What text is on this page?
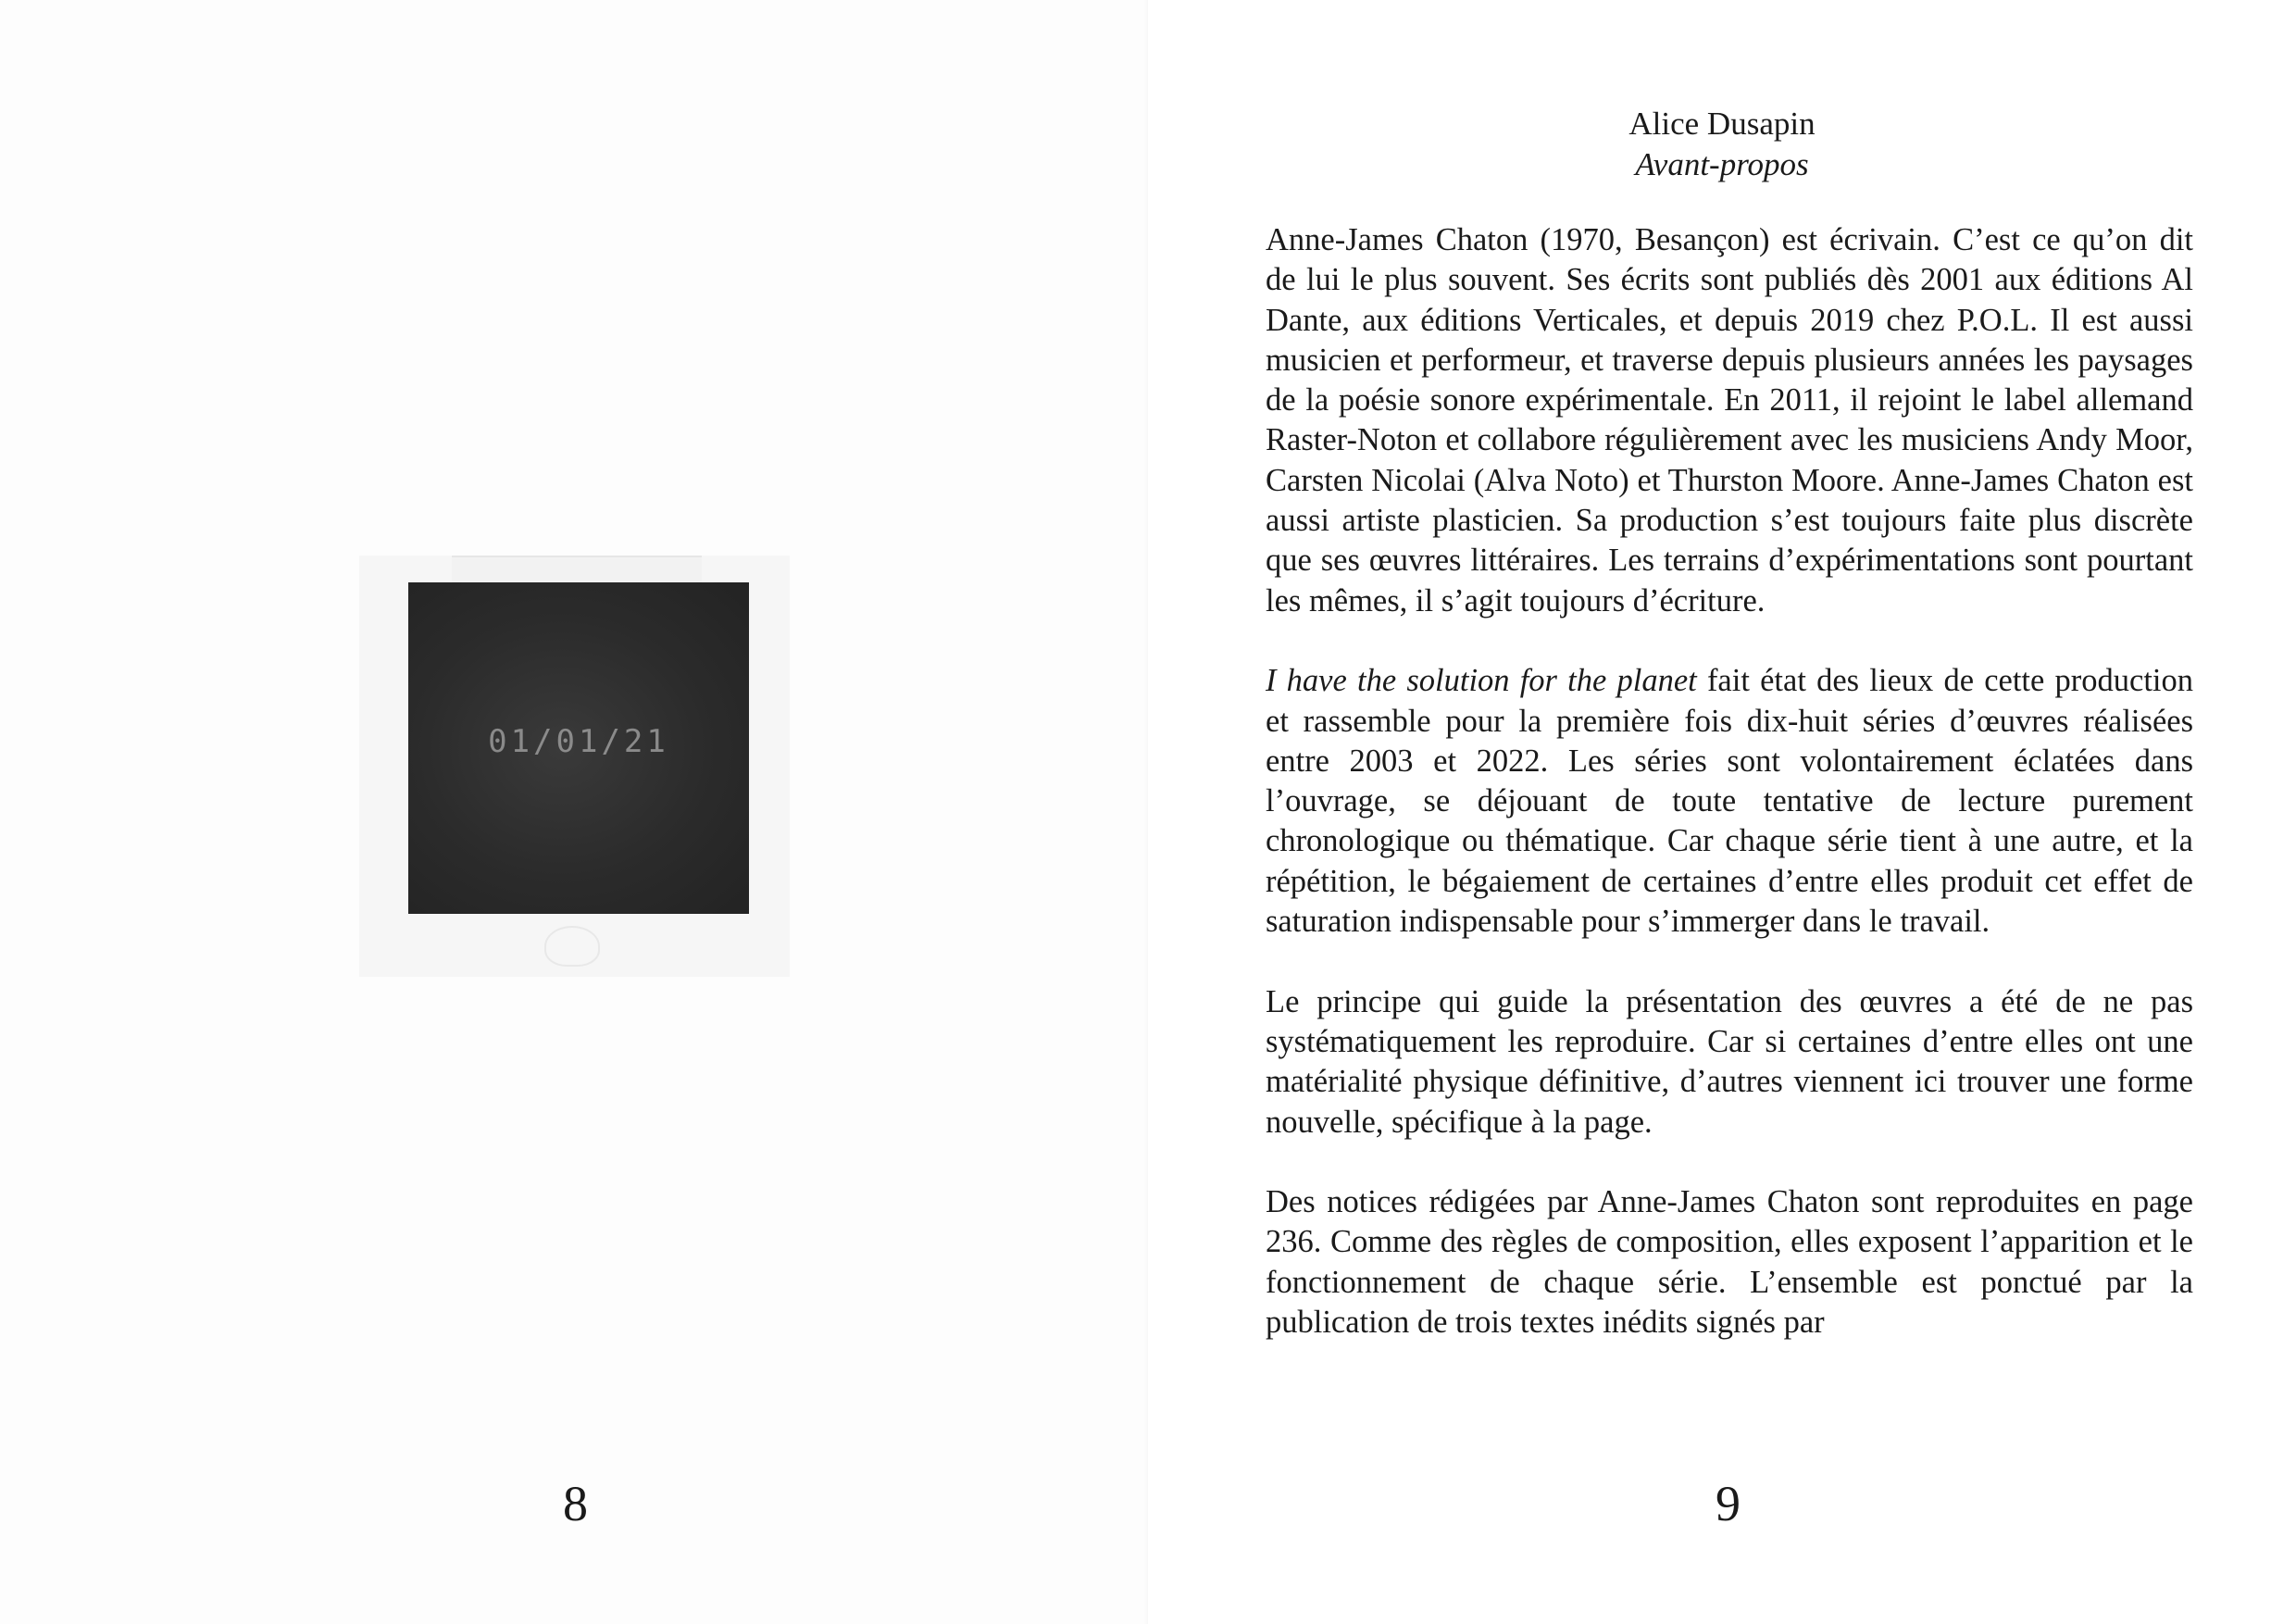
01/01/21
8
Alice Dusapin
Avant-propos

Anne-James Chaton (1970, Besançon) est écrivain. C’est ce qu’on dit de lui le plus souvent. Ses écrits sont publiés dès 2001 aux éditions Al Dante, aux éditions Verticales, et depuis 2019 chez P.O.L. Il est aussi musicien et performeur, et traverse depuis plusieurs années les paysages de la poésie sonore expérimentale. En 2011, il rejoint le label allemand Raster-Noton et collabore régulièrement avec les musiciens Andy Moor, Carsten Nicolai (Alva Noto) et Thurston Moore. Anne-James Chaton est aussi artiste plasticien. Sa production s’est toujours faite plus discrète que ses œuvres littéraires. Les terrains d’expérimentations sont pourtant les mêmes, il s’agit toujours d’écriture.

I have the solution for the planet fait état des lieux de cette production et rassemble pour la première fois dix-huit séries d’œuvres réalisées entre 2003 et 2022. Les séries sont volontairement éclatées dans l’ouvrage, se déjouant de toute tentative de lecture purement chronologique ou thématique. Car chaque série tient à une autre, et la répétition, le bégaiement de certaines d’entre elles produit cet effet de saturation indispensable pour s’immerger dans le travail.

Le principe qui guide la présentation des œuvres a été de ne pas systématiquement les reproduire. Car si certaines d’entre elles ont une matérialité physique définitive, d’autres viennent ici trouver une forme nouvelle, spécifique à la page.

Des notices rédigées par Anne-James Chaton sont reproduites en page 236. Comme des règles de composition, elles exposent l’apparition et le fonctionnement de chaque série. L’ensemble est ponctué par la publication de trois textes inédits signés par

9
